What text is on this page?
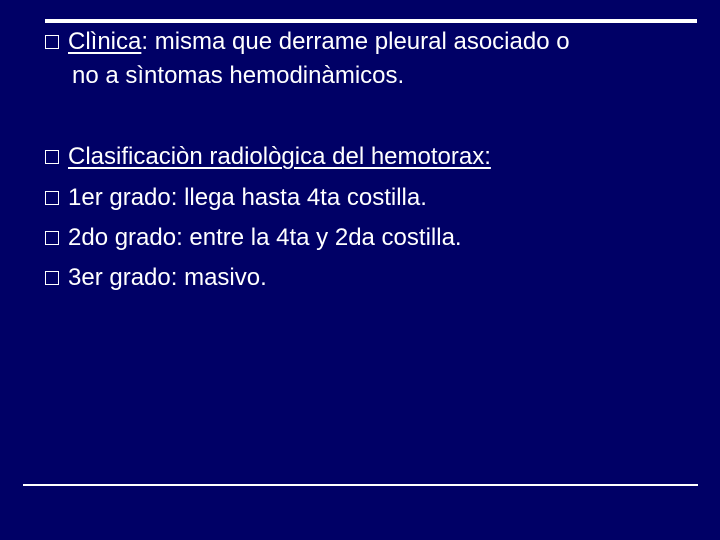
Clìnica: misma que derrame pleural asociado o
no a sìntomas hemodinàmicos.
Clasificaciòn radiològica del hemotorax:
1er grado: llega hasta 4ta costilla.
2do grado: entre la 4ta y 2da costilla.
3er grado: masivo.
